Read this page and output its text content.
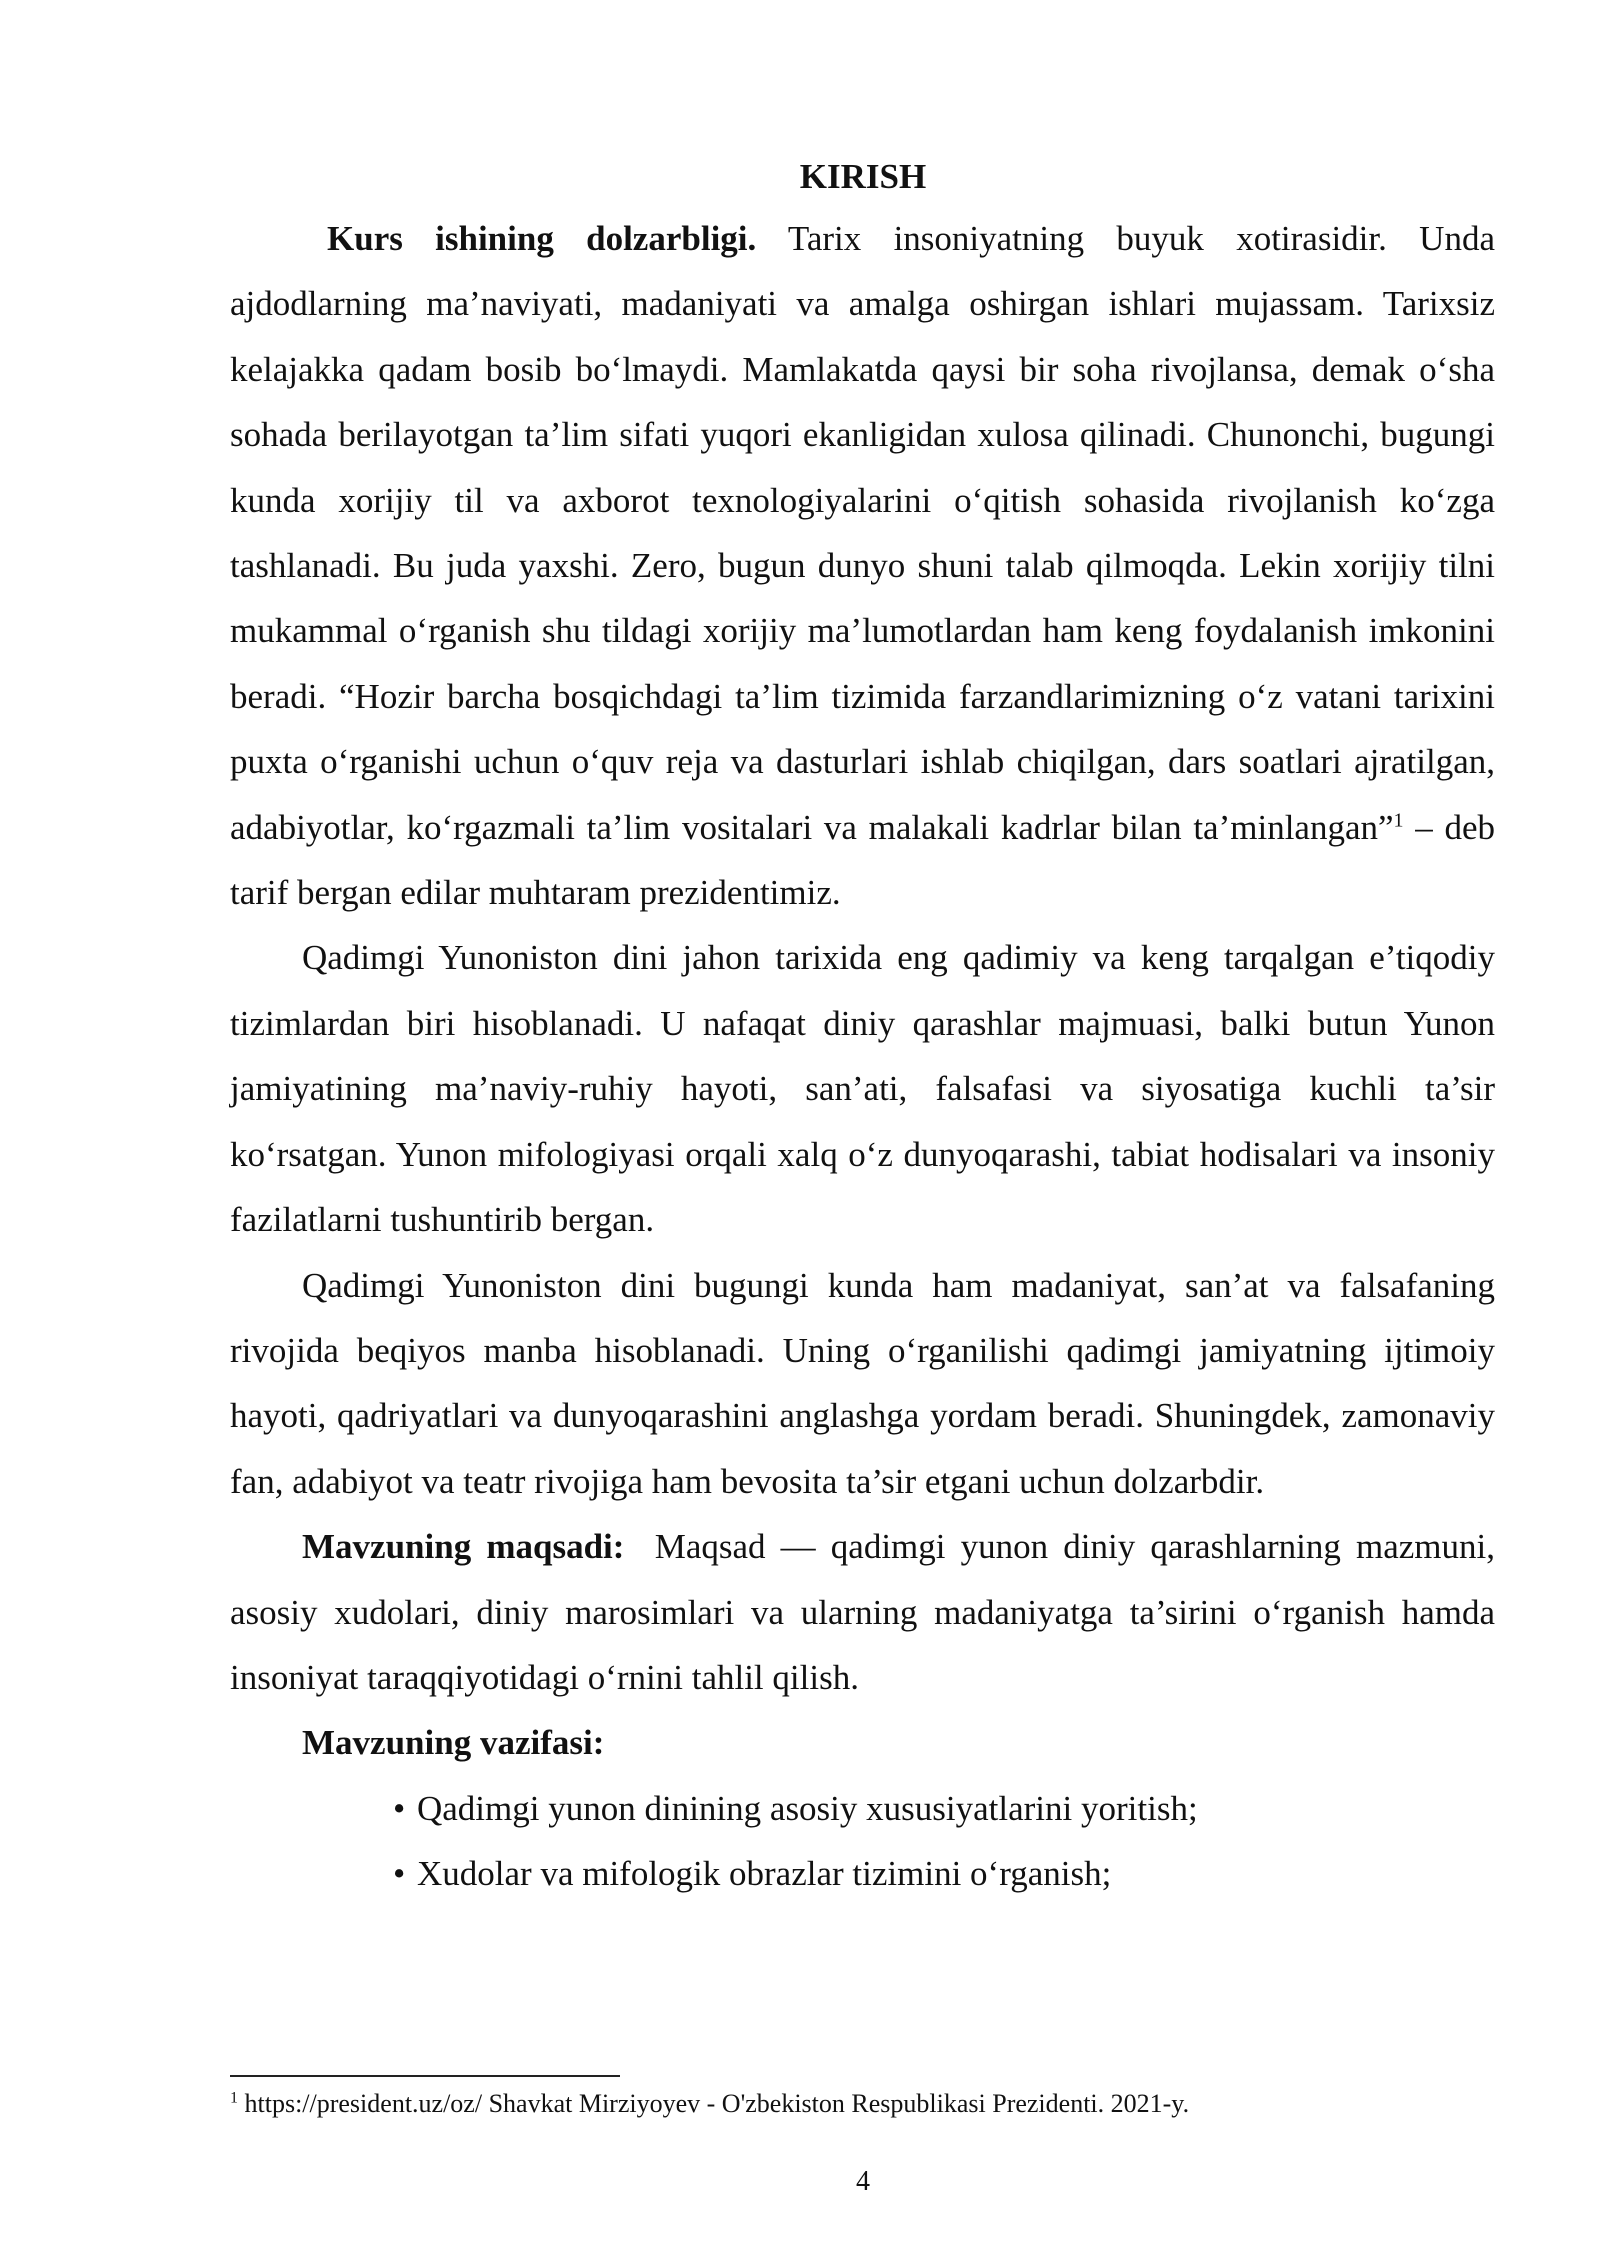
KIRISH

Kurs ishining dolzarbligi. Tarix insoniyatning buyuk xotirasidir. Unda ajdodlarning ma’naviyati, madaniyati va amalga oshirgan ishlari mujassam. Tarixsiz kelajakka qadam bosib bo‘lmaydi. Mamlakatda qaysi bir soha rivojlansa, demak o‘sha sohada berilayotgan ta’lim sifati yuqori ekanligidan xulosa qilinadi. Chunonchi, bugungi kunda xorijiy til va axborot texnologiyalarini o‘qitish sohasida rivojlanish ko‘zga tashlanadi. Bu juda yaxshi. Zero, bugun dunyo shuni talab qilmoqda. Lekin xorijiy tilni mukammal o‘rganish shu tildagi xorijiy ma’lumotlardan ham keng foydalanish imkonini beradi. “Hozir barcha bosqichdagi ta’lim tizimida farzandlarimizning o‘z vatani tarixini puxta o‘rganishi uchun o‘quv reja va dasturlari ishlab chiqilgan, dars soatlari ajratilgan, adabiyotlar, ko‘rgazmali ta’lim vositalari va malakali kadrlar bilan ta’minlangan”$^1$ – deb tarif bergan edilar muhtaram prezidentimiz.

Qadimgi Yunoniston dini jahon tarixida eng qadimiy va keng tarqalgan e’tiqodiy tizimlardan biri hisoblanadi. U nafaqat diniy qarashlar majmuasi, balki butun Yunon jamiyatining ma’naviy-ruhiy hayoti, san’ati, falsafasi va siyosatiga kuchli ta’sir ko‘rsatgan. Yunon mifologiyasi orqali xalq o‘z dunyoqarashi, tabiat hodisalari va insoniy fazilatlarni tushuntirib bergan.

Qadimgi Yunoniston dini bugungi kunda ham madaniyat, san’at va falsafaning rivojida beqiyos manba hisoblanadi. Uning o‘rganilishi qadimgi jamiyatning ijtimoiy hayoti, qadriyatlari va dunyoqarashini anglashga yordam beradi. Shuningdek, zamonaviy fan, adabiyot va teatr rivojiga ham bevosita ta’sir etgani uchun dolzarbdir.

Mavzuning maqsadi:  Maqsad — qadimgi yunon diniy qarashlarning mazmuni, asosiy xudolari, diniy marosimlari va ularning madaniyatga ta’sirini o‘rganish hamda insoniyat taraqqiyotidagi o‘rnini tahlil qilish.

Mavzuning vazifasi:

• Qadimgi yunon dinining asosiy xususiyatlarini yoritish;
• Xudolar va mifologik obrazlar tizimini o‘rganish;
$^1$ https://president.uz/oz/ Shavkat Mirziyoyev - O'zbekiston Respublikasi Prezidenti. 2021-y.
4
